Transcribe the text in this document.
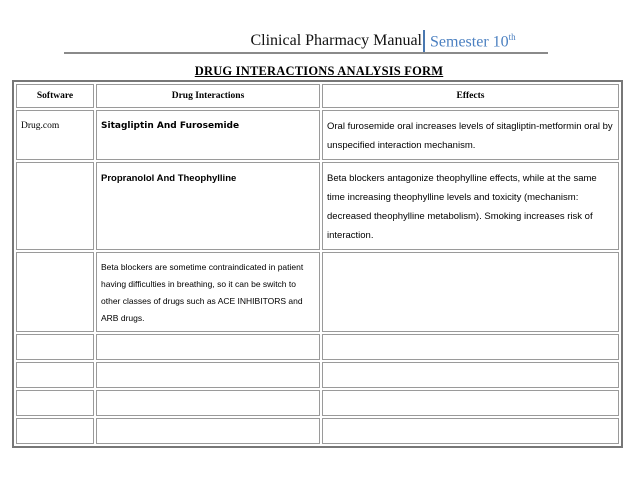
Clinical Pharmacy Manual Semester 10th
DRUG INTERACTIONS ANALYSIS FORM
Software	Drug Interactions	Effects

Drug.com	Sitagliptin And Furosemide	Oral furosemide oral increases levels of sitagliptin-metformin oral by unspecified interaction mechanism.

	Propranolol And Theophylline	Beta blockers antagonize theophylline effects, while at the same time increasing theophylline levels and toxicity (mechanism: decreased theophylline metabolism). Smoking increases risk of interaction.

	Beta blockers are sometime contraindicated in patient having difficulties in breathing, so it can be switch to other classes of drugs such as ACE INHIBITORS and ARB drugs.	
